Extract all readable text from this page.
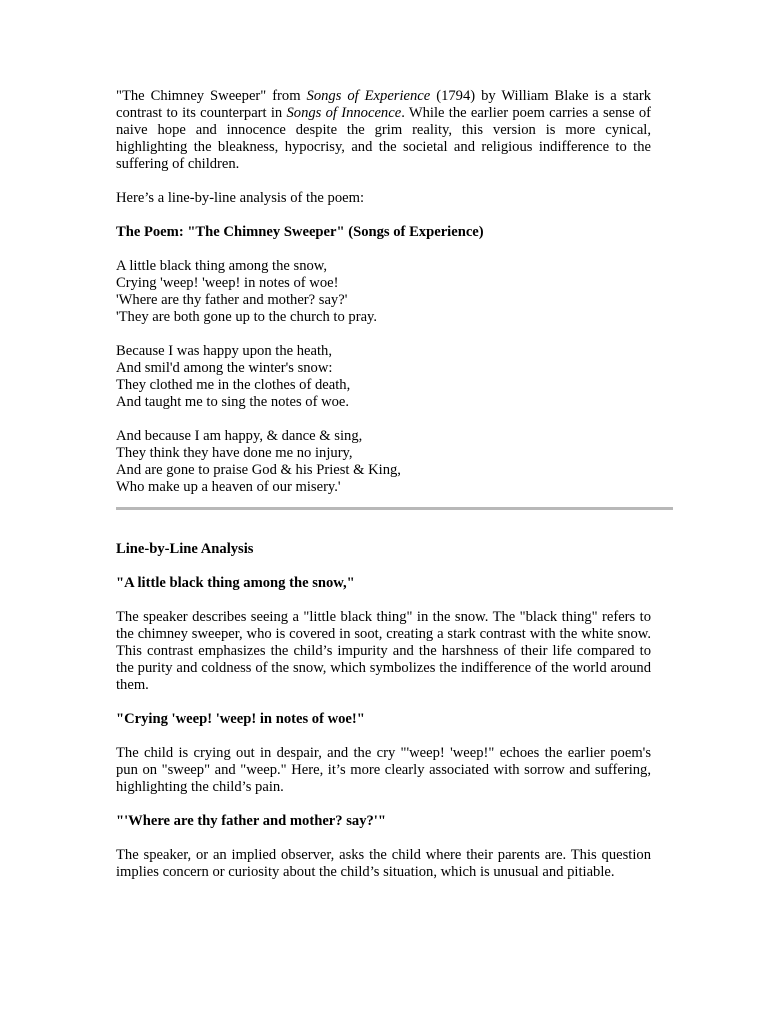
"The Chimney Sweeper" from Songs of Experience (1794) by William Blake is a stark contrast to its counterpart in Songs of Innocence. While the earlier poem carries a sense of naive hope and innocence despite the grim reality, this version is more cynical, highlighting the bleakness, hypocrisy, and the societal and religious indifference to the suffering of children.

Here’s a line-by-line analysis of the poem:

The Poem: "The Chimney Sweeper" (Songs of Experience)

A little black thing among the snow,
Crying 'weep! 'weep! in notes of woe!
'Where are thy father and mother? say?'
'They are both gone up to the church to pray.
Because I was happy upon the heath,
And smil'd among the winter's snow:
They clothed me in the clothes of death,
And taught me to sing the notes of woe.
And because I am happy, & dance & sing,
They think they have done me no injury,
And are gone to praise God & his Priest & King,
Who make up a heaven of our misery.'

Line-by-Line Analysis

"A little black thing among the snow,"

The speaker describes seeing a "little black thing" in the snow. The "black thing" refers to the chimney sweeper, who is covered in soot, creating a stark contrast with the white snow. This contrast emphasizes the child’s impurity and the harshness of their life compared to the purity and coldness of the snow, which symbolizes the indifference of the world around them.

"Crying 'weep! 'weep! in notes of woe!"

The child is crying out in despair, and the cry "'weep! 'weep!" echoes the earlier poem's pun on "sweep" and "weep." Here, it’s more clearly associated with sorrow and suffering, highlighting the child’s pain.

"'Where are thy father and mother? say?'"

The speaker, or an implied observer, asks the child where their parents are. This question implies concern or curiosity about the child’s situation, which is unusual and pitiable.
